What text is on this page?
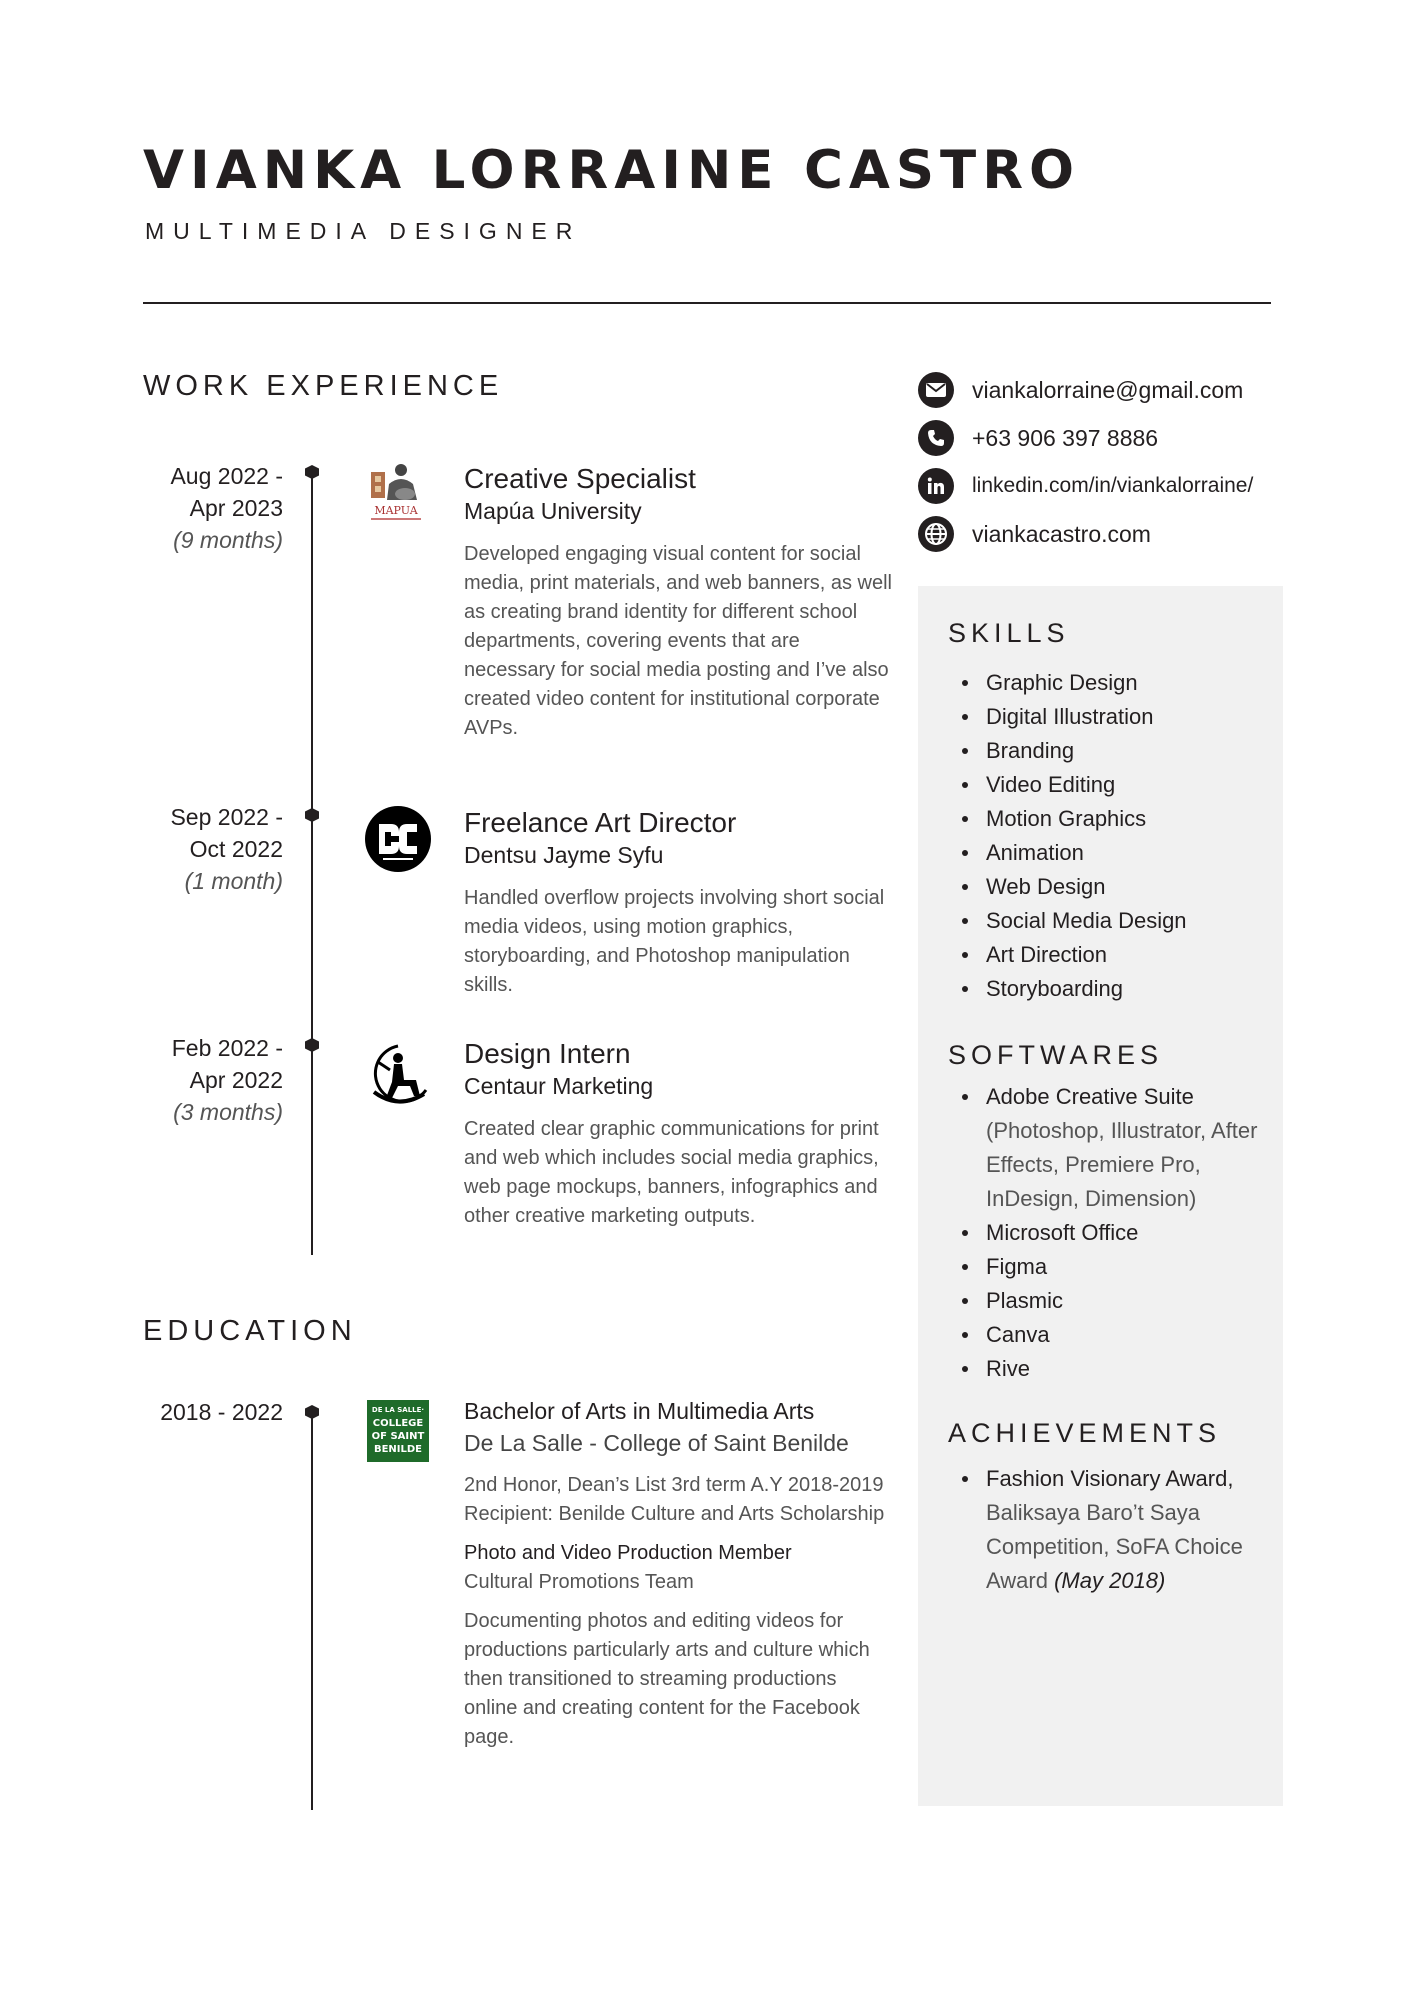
VIANKA LORRAINE CASTRO
MULTIMEDIA DESIGNER
WORK EXPERIENCE
Aug 2022 -
Apr 2023
(9 months)
MAPUA
Creative Specialist
Mapúa University
Developed engaging visual content for social media, print materials, and web banners, as well as creating brand identity for different school departments, covering events that are necessary for social media posting and I’ve also created video content for institutional corporate AVPs.
Sep 2022 -
Oct 2022
(1 month)
Freelance Art Director
Dentsu Jayme Syfu
Handled overflow projects involving short social media videos, using motion graphics, storyboarding, and Photoshop manipulation skills.
Feb 2022 -
Apr 2022
(3 months)
Design Intern
Centaur Marketing
Created clear graphic communications for print and web which includes social media graphics, web page mockups, banners, infographics and other creative marketing outputs.
EDUCATION
2018 - 2022	DE LA SALLE·
COLLEGE
OF SAINT
BENILDE
Bachelor of Arts in Multimedia Arts
De La Salle - College of Saint Benilde
2nd Honor, Dean’s List 3rd term A.Y 2018-2019
Recipient: Benilde Culture and Arts Scholarship
Photo and Video Production Member
Cultural Promotions Team
Documenting photos and editing videos for productions particularly arts and culture which then transitioned to streaming productions online and creating content for the Facebook page.
viankalorraine@gmail.com
+63 906 397 8886
linkedin.com/in/viankalorraine/
viankacastro.com
SKILLS
Graphic Design
Digital Illustration
Branding
Video Editing
Motion Graphics
Animation
Web Design
Social Media Design
Art Direction
Storyboarding
SOFTWARES
Adobe Creative Suite
(Photoshop, Illustrator, After Effects, Premiere Pro, InDesign, Dimension)
Microsoft Office
Figma
Plasmic
Canva
Rive
ACHIEVEMENTS
Fashion Visionary Award, Baliksaya Baro’t Saya Competition, SoFA Choice Award (May 2018)
